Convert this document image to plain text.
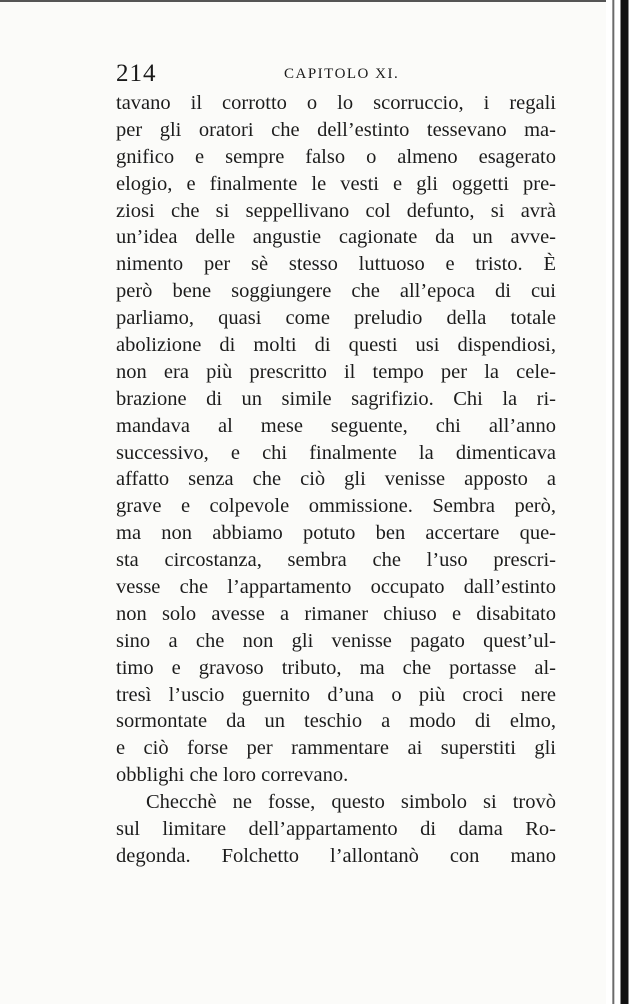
214	CAPITOLO XI.
tavano il corrotto o lo scorruccio, i regali
per gli oratori che dell’estinto tessevano ma-
gnifico e sempre falso o almeno esagerato
elogio, e finalmente le vesti e gli oggetti pre-
ziosi che si seppellivano col defunto, si avrà
un’idea delle angustie cagionate da un avve-
nimento per sè stesso luttuoso e tristo. È
però bene soggiungere che all’epoca di cui
parliamo, quasi come preludio della totale
abolizione di molti di questi usi dispendiosi,
non era più prescritto il tempo per la cele-
brazione di un simile sagrifizio. Chi la ri-
mandava al mese seguente, chi all’anno
successivo, e chi finalmente la dimenticava
affatto senza che ciò gli venisse apposto a
grave e colpevole ommissione. Sembra però,
ma non abbiamo potuto ben accertare que-
sta circostanza, sembra che l’uso prescri-
vesse che l’appartamento occupato dall’estinto
non solo avesse a rimaner chiuso e disabitato
sino a che non gli venisse pagato quest’ul-
timo e gravoso tributo, ma che portasse al-
tresì l’uscio guernito d’una o più croci nere
sormontate da un teschio a modo di elmo,
e ciò forse per rammentare ai superstiti gli
obblighi che loro correvano.
Checchè ne fosse, questo simbolo si trovò
sul limitare dell’appartamento di dama Ro-
degonda. Folchetto l’allontanò con mano
